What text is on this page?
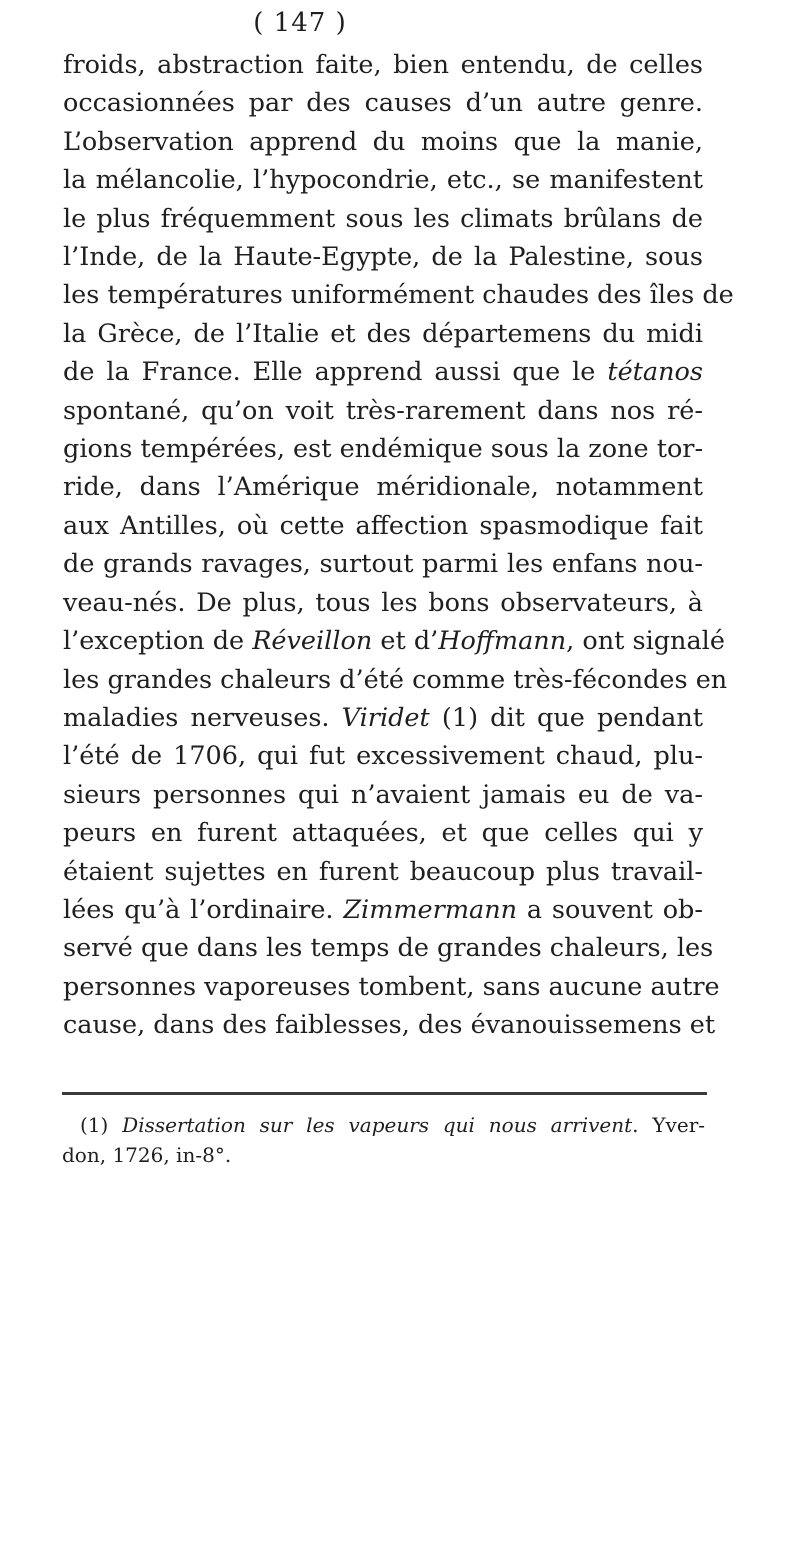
( 147 )
froids, abstraction faite, bien entendu, de celles
occasionnées par des causes d’un autre genre.
L’observation apprend du moins que la manie,
la mélancolie, l’hypocondrie, etc., se manifestent
le plus fréquemment sous les climats brûlans de
l’Inde, de la Haute-Egypte, de la Palestine, sous
les températures uniformément chaudes des îles de
la Grèce, de l’Italie et des départemens du midi
de la France. Elle apprend aussi que le tétanos
spontané, qu’on voit très-rarement dans nos ré-
gions tempérées, est endémique sous la zone tor-
ride, dans l’Amérique méridionale, notamment
aux Antilles, où cette affection spasmodique fait
de grands ravages, surtout parmi les enfans nou-
veau-nés. De plus, tous les bons observateurs, à
l’exception de Réveillon et d’Hoffmann, ont signalé
les grandes chaleurs d’été comme très-fécondes en
maladies nerveuses. Viridet (1) dit que pendant
l’été de 1706, qui fut excessivement chaud, plu-
sieurs personnes qui n’avaient jamais eu de va-
peurs en furent attaquées, et que celles qui y
étaient sujettes en furent beaucoup plus travail-
lées qu’à l’ordinaire. Zimmermann a souvent ob-
servé que dans les temps de grandes chaleurs, les
personnes vaporeuses tombent, sans aucune autre
cause, dans des faiblesses, des évanouissemens et
(1) Dissertation sur les vapeurs qui nous arrivent. Yver-
don, 1726, in-8°.
